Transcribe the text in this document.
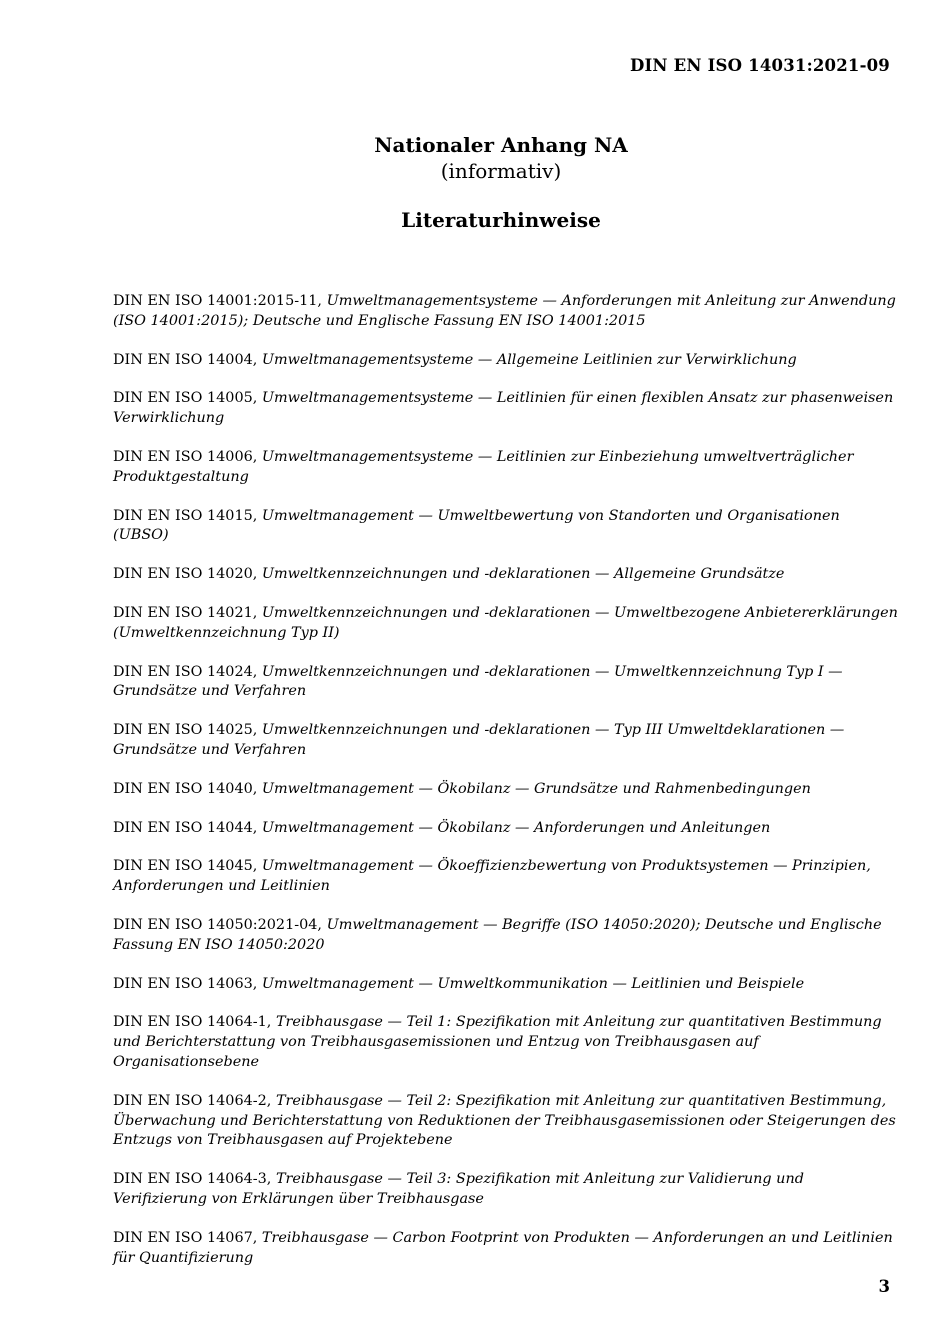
DIN EN ISO 14031:2021-09
Nationaler Anhang NA
(informativ)
Literaturhinweise
DIN EN ISO 14001:2015-11, Umweltmanagementsysteme — Anforderungen mit Anleitung zur Anwendung (ISO 14001:2015); Deutsche und Englische Fassung EN ISO 14001:2015
DIN EN ISO 14004, Umweltmanagementsysteme — Allgemeine Leitlinien zur Verwirklichung
DIN EN ISO 14005, Umweltmanagementsysteme — Leitlinien für einen flexiblen Ansatz zur phasenweisen Verwirklichung
DIN EN ISO 14006, Umweltmanagementsysteme — Leitlinien zur Einbeziehung umweltverträglicher Produktgestaltung
DIN EN ISO 14015, Umweltmanagement — Umweltbewertung von Standorten und Organisationen (UBSO)
DIN EN ISO 14020, Umweltkennzeichnungen und -deklarationen — Allgemeine Grundsätze
DIN EN ISO 14021, Umweltkennzeichnungen und -deklarationen — Umweltbezogene Anbietererklärungen (Umweltkennzeichnung Typ II)
DIN EN ISO 14024, Umweltkennzeichnungen und -deklarationen — Umweltkennzeichnung Typ I — Grundsätze und Verfahren
DIN EN ISO 14025, Umweltkennzeichnungen und -deklarationen — Typ III Umweltdeklarationen — Grundsätze und Verfahren
DIN EN ISO 14040, Umweltmanagement — Ökobilanz — Grundsätze und Rahmenbedingungen
DIN EN ISO 14044, Umweltmanagement — Ökobilanz — Anforderungen und Anleitungen
DIN EN ISO 14045, Umweltmanagement — Ökoeffizienzbewertung von Produktsystemen — Prinzipien, Anforderungen und Leitlinien
DIN EN ISO 14050:2021-04, Umweltmanagement — Begriffe (ISO 14050:2020); Deutsche und Englische Fassung EN ISO 14050:2020
DIN EN ISO 14063, Umweltmanagement — Umweltkommunikation — Leitlinien und Beispiele
DIN EN ISO 14064-1, Treibhausgase — Teil 1: Spezifikation mit Anleitung zur quantitativen Bestimmung und Berichterstattung von Treibhausgasemissionen und Entzug von Treibhausgasen auf Organisationsebene
DIN EN ISO 14064-2, Treibhausgase — Teil 2: Spezifikation mit Anleitung zur quantitativen Bestimmung, Überwachung und Berichterstattung von Reduktionen der Treibhausgasemissionen oder Steigerungen des Entzugs von Treibhausgasen auf Projektebene
DIN EN ISO 14064-3, Treibhausgase — Teil 3: Spezifikation mit Anleitung zur Validierung und Verifizierung von Erklärungen über Treibhausgase
DIN EN ISO 14067, Treibhausgase — Carbon Footprint von Produkten — Anforderungen an und Leitlinien für Quantifizierung
3
